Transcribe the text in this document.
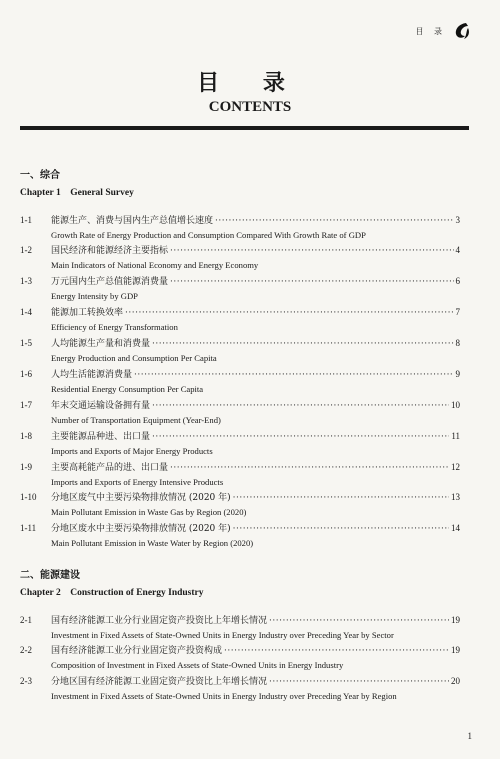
目 录
目 录
CONTENTS
一、综合
Chapter 1　General Survey
1-1	能源生产、消费与国内生产总值增长速度 ·····	3
Growth Rate of Energy Production and Consumption Compared With Growth Rate of GDP
1-2	国民经济和能源经济主要指标 ·····	4
Main Indicators of National Economy and Energy Economy
1-3	万元国内生产总值能源消费量 ·····	6
Energy Intensity by GDP
1-4	能源加工转换效率 ·····	7
Efficiency of Energy Transformation
1-5	人均能源生产量和消费量 ·····	8
Energy Production and Consumption Per Capita
1-6	人均生活能源消费量 ·····	9
Residential Energy Consumption Per Capita
1-7	年末交通运输设备拥有量 ·····	10
Number of Transportation Equipment (Year-End)
1-8	主要能源品种进、出口量 ·····	11
Imports and Exports of Major Energy Products
1-9	主要高耗能产品的进、出口量 ·····	12
Imports and Exports of Energy Intensive Products
1-10	分地区废气中主要污染物排放情况 (2020 年) ·····	13
Main Pollutant Emission in Waste Gas by Region (2020)
1-11	分地区废水中主要污染物排放情况 (2020 年) ·····	14
Main Pollutant Emission in Waste Water by Region (2020)
二、能源建设
Chapter 2　Construction of Energy Industry
2-1	国有经济能源工业分行业固定资产投资比上年增长情况 ·····	19
Investment in Fixed Assets of State-Owned Units in Energy Industry over Preceding Year by Sector
2-2	国有经济能源工业分行业固定资产投资构成 ·····	19
Composition of Investment in Fixed Assets of State-Owned Units in Energy Industry
2-3	分地区国有经济能源工业固定资产投资比上年增长情况 ·····	20
Investment in Fixed Assets of State-Owned Units in Energy Industry over Preceding Year by Region
1
